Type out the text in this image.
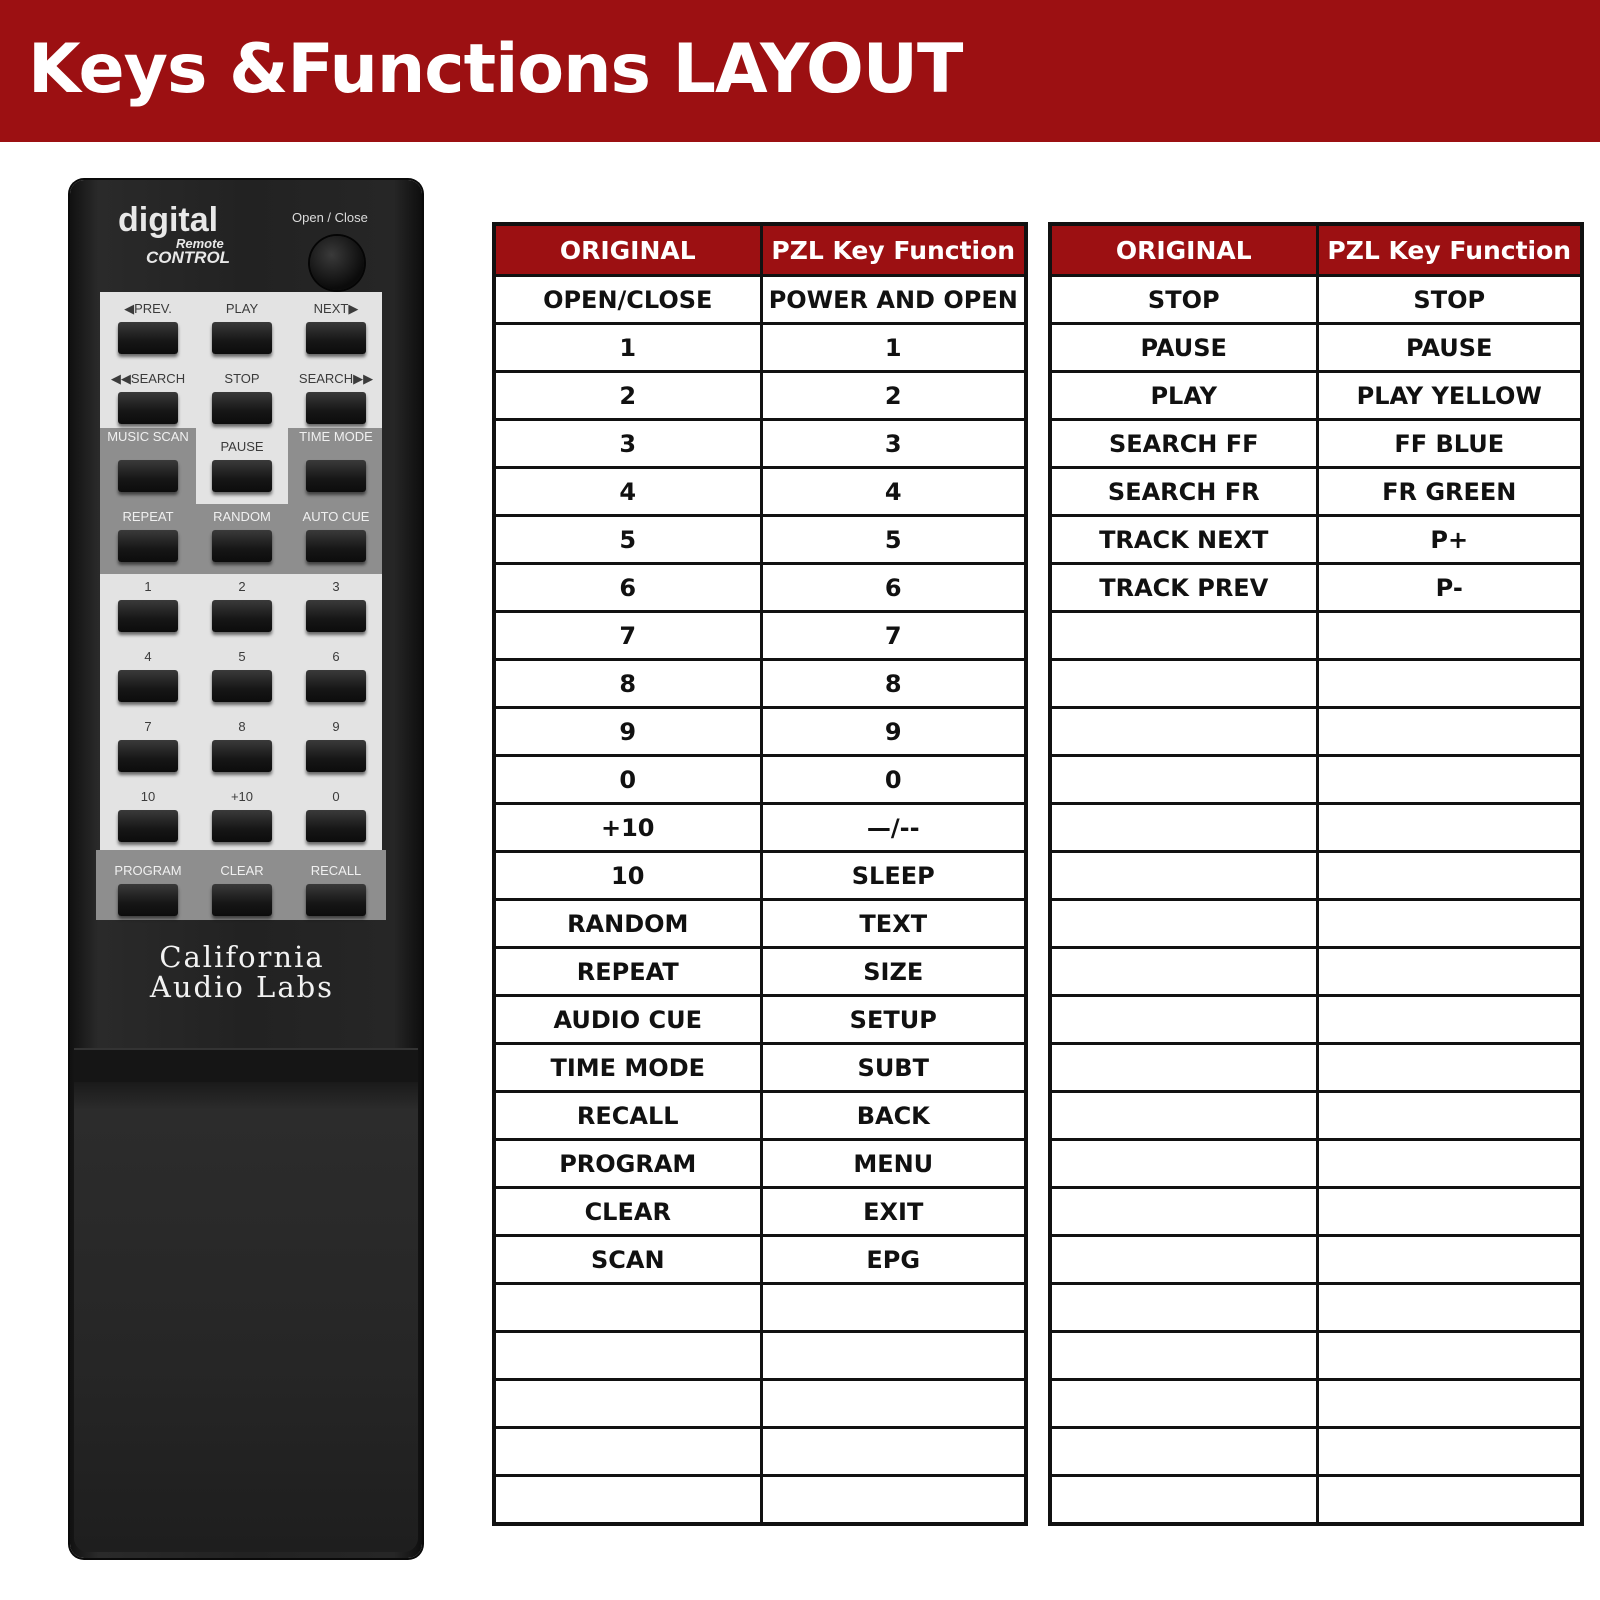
Keys &Functions LAYOUT
digital
Remote
CONTROL
Open / Close
◀PREV.	PLAY	NEXT▶
◀◀SEARCH	STOP	SEARCH▶▶
MUSIC SCAN
PAUSE
TIME MODE
REPEAT	RANDOM	AUTO CUE
1	2	3
4	5	6
7	8	9
10	+10	0
PROGRAM	CLEAR	RECALL
California
Audio Labs
ORIGINAL	PZL Key Function
OPEN/CLOSE	POWER AND OPEN
1	1
2	2
3	3
4	4
5	5
6	6
7	7
8	8
9	9
0	0
+10	—/--
10	SLEEP
RANDOM	TEXT
REPEAT	SIZE
AUDIO CUE	SETUP
TIME MODE	SUBT
RECALL	BACK
PROGRAM	MENU
CLEAR	EXIT
SCAN	EPG

ORIGINAL	PZL Key Function
STOP	STOP
PAUSE	PAUSE
PLAY	PLAY YELLOW
SEARCH FF	FF BLUE
SEARCH FR	FR GREEN
TRACK NEXT	P+
TRACK PREV	P-
